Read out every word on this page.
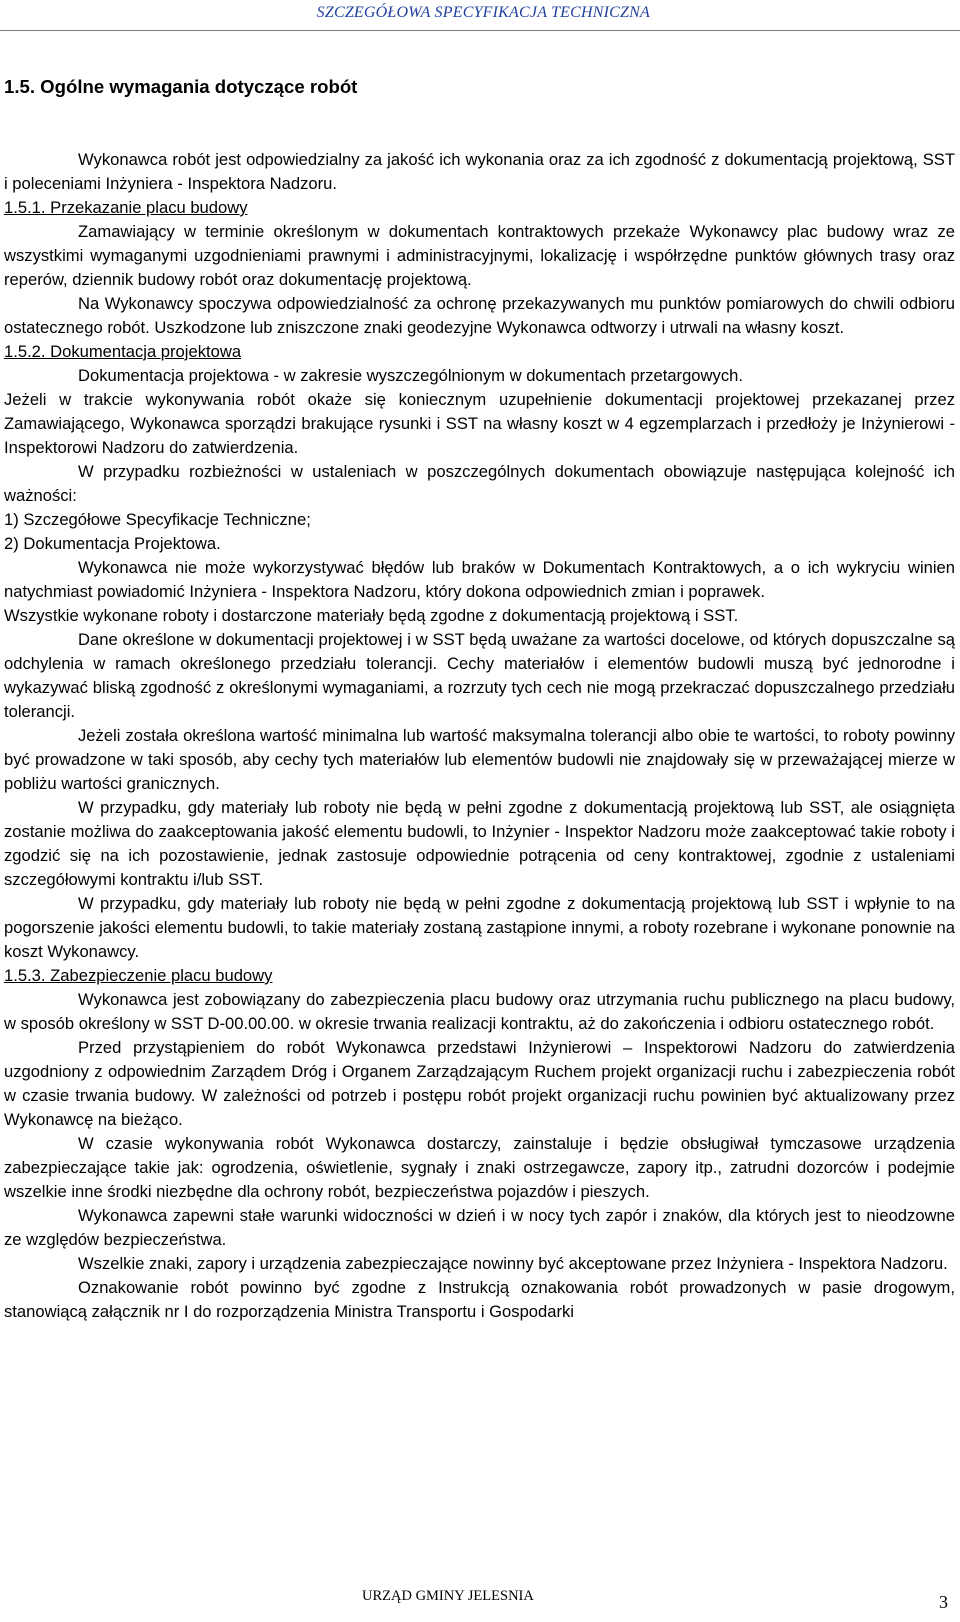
SZCZEGÓŁOWA SPECYFIKACJA TECHNICZNA
1.5. Ogólne wymagania dotyczące robót

Wykonawca robót jest odpowiedzialny za jakość ich wykonania oraz za ich zgodność z dokumentacją projektową, SST i poleceniami Inżyniera - Inspektora Nadzoru.

1.5.1. Przekazanie placu budowy

Zamawiający w terminie określonym w dokumentach kontraktowych przekaże Wykonawcy plac budowy wraz ze wszystkimi wymaganymi uzgodnieniami prawnymi i administracyjnymi, lokalizację i współrzędne punktów głównych trasy oraz reperów, dziennik budowy robót oraz dokumentację projektową.

Na Wykonawcy spoczywa odpowiedzialność za ochronę przekazywanych mu punktów pomiarowych do chwili odbioru ostatecznego robót. Uszkodzone lub zniszczone znaki geodezyjne Wykonawca odtworzy i utrwali na własny koszt.

1.5.2. Dokumentacja projektowa

Dokumentacja projektowa - w zakresie wyszczególnionym w dokumentach przetargowych.

Jeżeli w trakcie wykonywania robót okaże się koniecznym uzupełnienie dokumentacji projektowej przekazanej przez Zamawiającego, Wykonawca sporządzi brakujące rysunki i SST na własny koszt w 4 egzemplarzach i przedłoży je Inżynierowi - Inspektorowi Nadzoru do zatwierdzenia.

W przypadku rozbieżności w ustaleniach w poszczególnych dokumentach obowiązuje następująca kolejność ich ważności:

1) Szczegółowe Specyfikacje Techniczne;

2) Dokumentacja Projektowa.

Wykonawca nie może wykorzystywać błędów lub braków w Dokumentach Kontraktowych, a o ich wykryciu winien natychmiast powiadomić Inżyniera - Inspektora Nadzoru, który dokona odpowiednich zmian i poprawek.

Wszystkie wykonane roboty i dostarczone materiały będą zgodne z dokumentacją projektową i SST.

Dane określone w dokumentacji projektowej i w SST będą uważane za wartości docelowe, od których dopuszczalne są odchylenia w ramach określonego przedziału tolerancji. Cechy materiałów i elementów budowli muszą być jednorodne i wykazywać bliską zgodność z określonymi wymaganiami, a rozrzuty tych cech nie mogą przekraczać dopuszczalnego przedziału tolerancji.

Jeżeli została określona wartość minimalna lub wartość maksymalna tolerancji albo obie te wartości, to roboty powinny być prowadzone w taki sposób, aby cechy tych materiałów lub elementów budowli nie znajdowały się w przeważającej mierze w pobliżu wartości granicznych.

W przypadku, gdy materiały lub roboty nie będą w pełni zgodne z dokumentacją projektową lub SST, ale osiągnięta zostanie możliwa do zaakceptowania jakość elementu budowli, to Inżynier - Inspektor Nadzoru może zaakceptować takie roboty i zgodzić się na ich pozostawienie, jednak zastosuje odpowiednie potrącenia od ceny kontraktowej, zgodnie z ustaleniami szczegółowymi kontraktu i/lub SST.

W przypadku, gdy materiały lub roboty nie będą w pełni zgodne z dokumentacją projektową lub SST i wpłynie to na pogorszenie jakości elementu budowli, to takie materiały zostaną zastąpione innymi, a roboty rozebrane i wykonane ponownie na koszt Wykonawcy.

1.5.3. Zabezpieczenie placu budowy

Wykonawca jest zobowiązany do zabezpieczenia placu budowy oraz utrzymania ruchu publicznego na placu budowy, w sposób określony w SST D-00.00.00. w okresie trwania realizacji kontraktu, aż do zakończenia i odbioru ostatecznego robót.

Przed przystąpieniem do robót Wykonawca przedstawi Inżynierowi – Inspektorowi Nadzoru do zatwierdzenia uzgodniony z odpowiednim Zarządem Dróg i Organem Zarządzającym Ruchem projekt organizacji ruchu i zabezpieczenia robót w czasie trwania budowy. W zależności od potrzeb i postępu robót projekt organizacji ruchu powinien być aktualizowany przez Wykonawcę na bieżąco.

W czasie wykonywania robót Wykonawca dostarczy, zainstaluje i będzie obsługiwał tymczasowe urządzenia zabezpieczające takie jak: ogrodzenia, oświetlenie, sygnały i znaki ostrzegawcze, zapory itp., zatrudni dozorców i podejmie wszelkie inne środki niezbędne dla ochrony robót, bezpieczeństwa pojazdów i pieszych.

Wykonawca zapewni stałe warunki widoczności w dzień i w nocy tych zapór i znaków, dla których jest to nieodzowne ze względów bezpieczeństwa.

Wszelkie znaki, zapory i urządzenia zabezpieczające nowinny być akceptowane przez Inżyniera - Inspektora Nadzoru.

Oznakowanie robót powinno być zgodne z Instrukcją oznakowania robót prowadzonych w pasie drogowym, stanowiącą załącznik nr I do rozporządzenia Ministra Transportu i Gospodarki

URZĄD GMINY JELESNIA	3
